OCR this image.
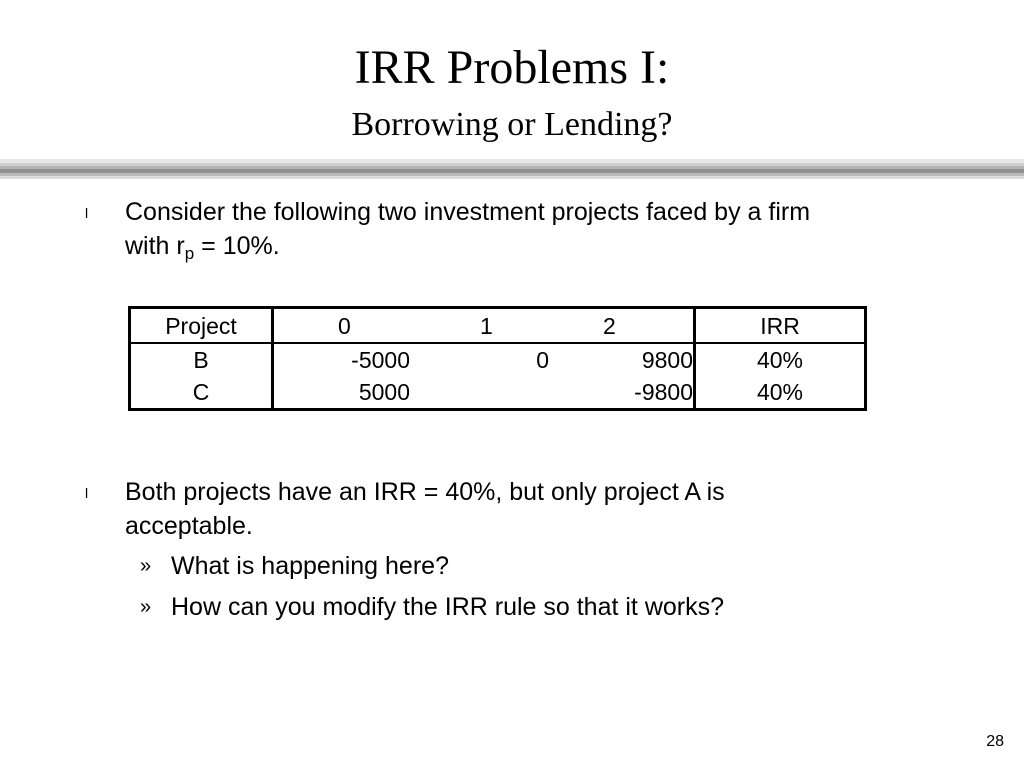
IRR Problems I:
Borrowing or Lending?
l Consider the following two investment projects faced by a firm
with $r_p = 10\%$.
Project	0	1	2	IRR
B	-5000	0	9800	40%
C	5000		-9800	40%
l Both projects have an IRR = 40%, but only project A is acceptable.
» What is happening here?
» How can you modify the IRR rule so that it works?
28
